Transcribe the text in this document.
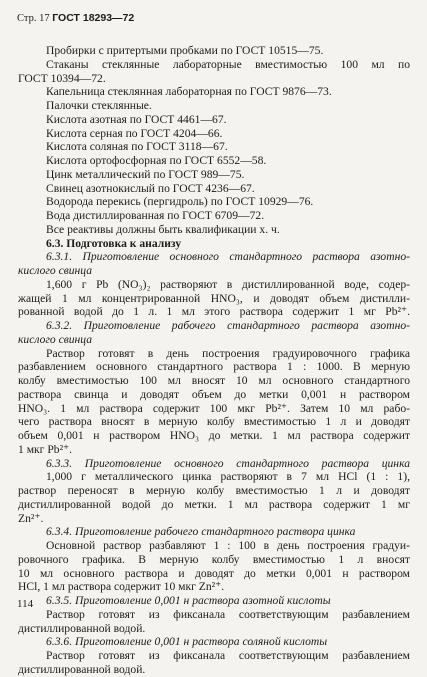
Стр. 17 ГОСТ 18293—72
Пробирки с притертыми пробками по ГОСТ 10515—75.
Стаканы стеклянные лабораторные вместимостью 100 мл по
ГОСТ 10394—72.
Капельница стеклянная лабораторная по ГОСТ 9876—73.
Палочки стеклянные.
Кислота азотная по ГОСТ 4461—67.
Кислота серная по ГОСТ 4204—66.
Кислота соляная по ГОСТ 3118—67.
Кислота ортофосфорная по ГОСТ 6552—58.
Цинк металлический по ГОСТ 989—75.
Свинец азотнокислый по ГОСТ 4236—67.
Водорода перекись (пергидроль) по ГОСТ 10929—76.
Вода дистиллированная по ГОСТ 6709—72.
Все реактивы должны быть квалификации х. ч.
6.3. Подготовка к анализу
6.3.1. Приготовление основного стандартного раствора азотно-
кислого свинца
1,600 г Pb (NO₃)₂ растворяют в дистиллированной воде, содер-
жащей 1 мл концентрированной HNO₃, и доводят объем дистилли-
рованной водой до 1 л. 1 мл этого раствора содержит 1 мг Pb²⁺.
6.3.2. Приготовление рабочего стандартного раствора азотно-
кислого свинца
Раствор готовят в день построения градуировочного графика
разбавлением основного стандартного раствора 1 : 1000. В мерную
колбу вместимостью 100 мл вносят 10 мл основного стандартного
раствора свинца и доводят объем до метки 0,001 н раствором
HNO₃. 1 мл раствора содержит 100 мкг Pb²⁺. Затем 10 мл рабо-
чего раствора вносят в мерную колбу вместимостью 1 л и доводят
объем 0,001 н раствором HNO₃ до метки. 1 мл раствора содержит
1 мкг Pb²⁺.
6.3.3. Приготовление основного стандартного раствора цинка
1,000 г металлического цинка растворяют в 7 мл HCl (1 : 1),
раствор переносят в мерную колбу вместимостью 1 л и доводят
дистиллированной водой до метки. 1 мл раствора содержит 1 мг
Zn²⁺.
6.3.4. Приготовление рабочего стандартного раствора цинка
Основной раствор разбавляют 1 : 100 в день построения градуи-
ровочного графика. В мерную колбу вместимостью 1 л вносят
10 мл основного раствора и доводят до метки 0,001 н раствором
HCl, 1 мл раствора содержит 10 мкг Zn²⁺.
6.3.5. Приготовление 0,001 н раствора азотной кислоты
Раствор готовят из фиксанала соответствующим разбавлением
дистиллированной водой.
6.3.6. Приготовление 0,001 н раствора соляной кислоты
Раствор готовят из фиксанала соответствующим разбавлением
дистиллированной водой.
114
